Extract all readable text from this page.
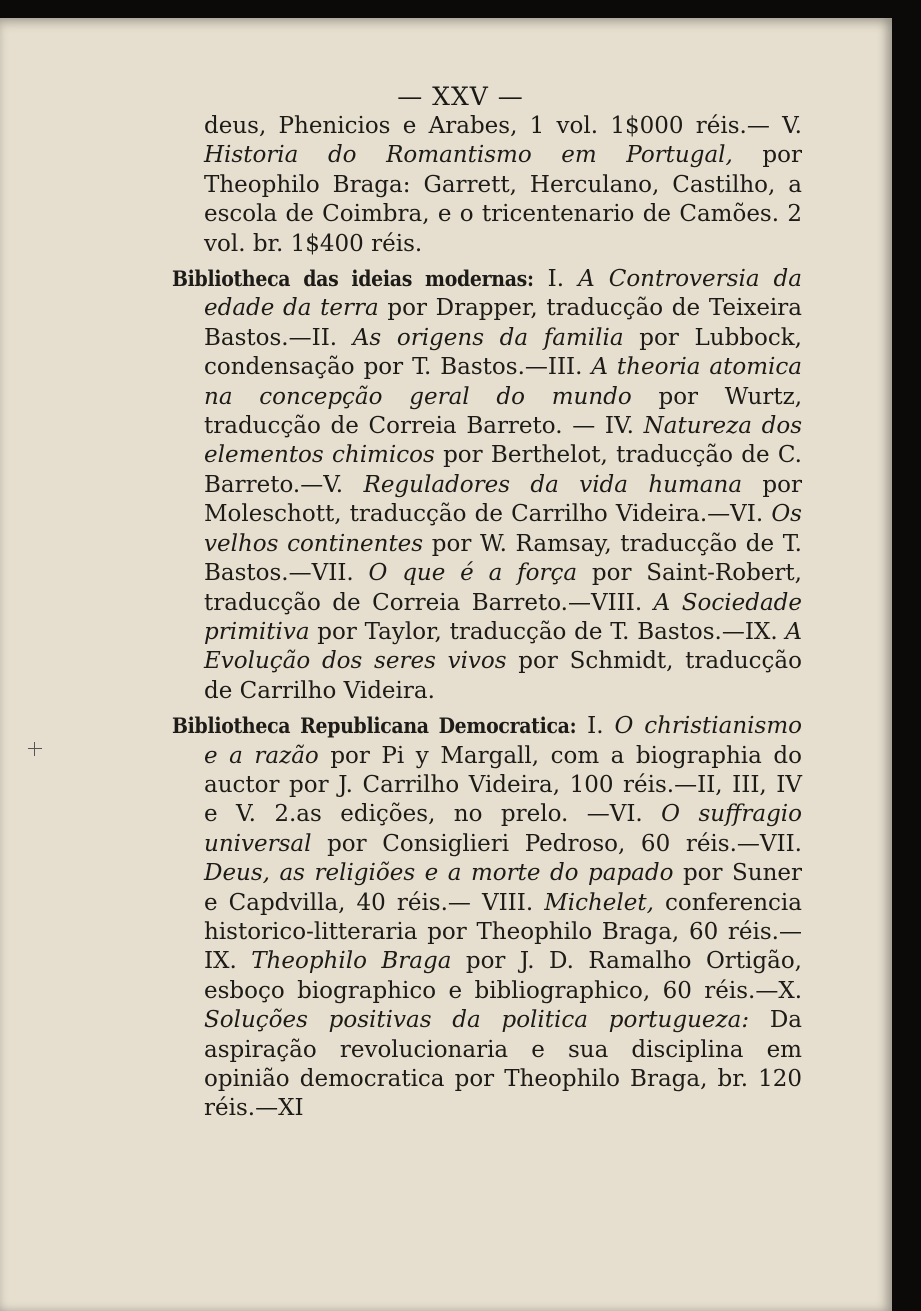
— XXV —

deus, Phenicios e Arabes, 1 vol. 1$000 réis.— V. Historia do Romantismo em Portugal, por Theophilo Braga: Garrett, Herculano, Castilho, a escola de Coimbra, e o tricentenario de Camões. 2 vol. br. 1$400 réis.

Bibliotheca das ideias modernas: I. A Controversia da edade da terra por Drapper, traducção de Teixeira Bastos.—II. As origens da familia por Lubbock, condensação por T. Bastos.—III. A theoria atomica na concepção geral do mundo por Wurtz, traducção de Correia Barreto. — IV. Natureza dos elementos chimicos por Berthelot, traducção de C. Barreto.—V. Reguladores da vida humana por Moleschott, traducção de Carrilho Videira.—VI. Os velhos continentes por W. Ramsay, traducção de T. Bastos.—VII. O que é a força por Saint-Robert, traducção de Correia Barreto.—VIII. A Sociedade primitiva por Taylor, traducção de T. Bastos.—IX. A Evolução dos seres vivos por Schmidt, traducção de Carrilho Videira.

Bibliotheca Republicana Democratica: I. O christianismo e a razão por Pi y Margall, com a biographia do auctor por J. Carrilho Videira, 100 réis.—II, III, IV e V. 2.as edições, no prelo. —VI. O suffragio universal por Consiglieri Pedroso, 60 réis.—VII. Deus, as religiões e a morte do papado por Suner e Capdvilla, 40 réis.— VIII. Michelet, conferencia historico-litteraria por Theophilo Braga, 60 réis.— IX. Theophilo Braga por J. D. Ramalho Ortigão, esboço biographico e bibliographico, 60 réis.—X. Soluções positivas da politica portugueza: Da aspiração revolucionaria e sua disciplina em opinião democratica por Theophilo Braga, br. 120 réis.—XI
